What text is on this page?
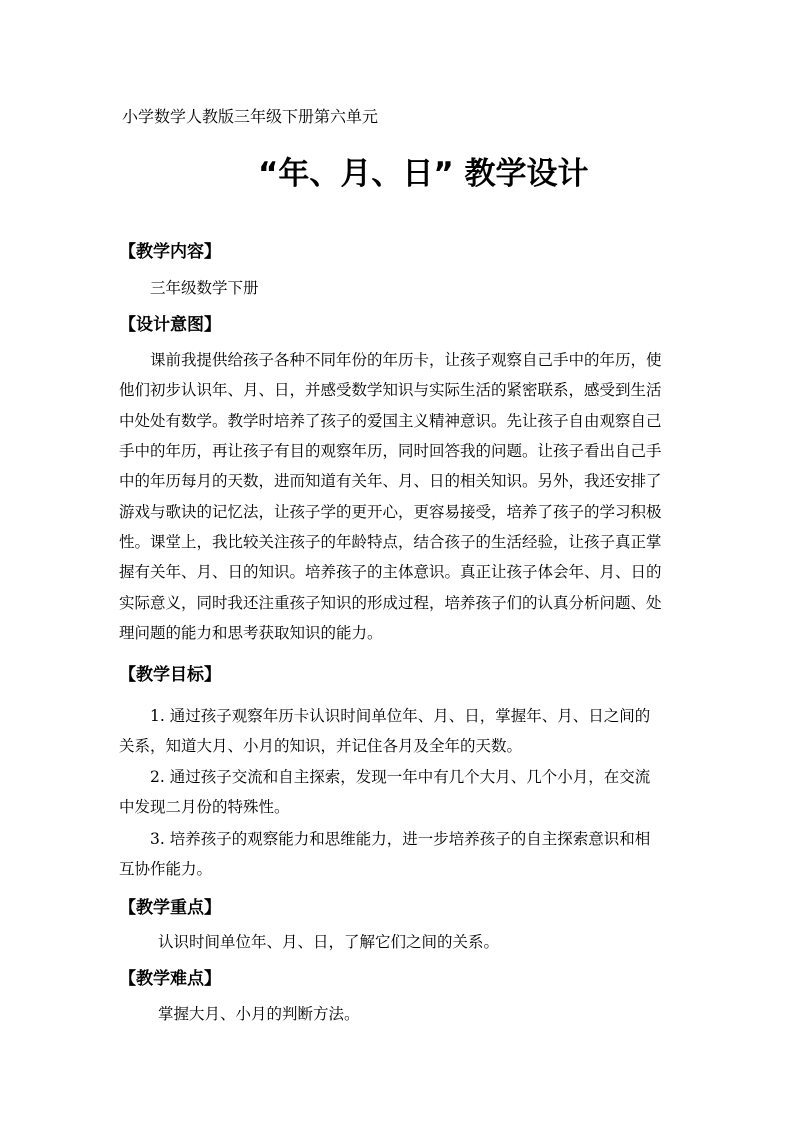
小学数学人教版三年级下册第六单元
“年、月、日” 教学设计
【教学内容】
三年级数学下册
【设计意图】
课前我提供给孩子各种不同年份的年历卡，让孩子观察自己手中的年历，使
他们初步认识年、月、日，并感受数学知识与实际生活的紧密联系，感受到生活
中处处有数学。教学时培养了孩子的爱国主义精神意识。先让孩子自由观察自己
手中的年历，再让孩子有目的观察年历，同时回答我的问题。让孩子看出自己手
中的年历每月的天数，进而知道有关年、月、日的相关知识。另外，我还安排了
游戏与歌诀的记忆法，让孩子学的更开心，更容易接受，培养了孩子的学习积极
性。课堂上，我比较关注孩子的年龄特点，结合孩子的生活经验，让孩子真正掌
握有关年、月、日的知识。培养孩子的主体意识。真正让孩子体会年、月、日的
实际意义，同时我还注重孩子知识的形成过程，培养孩子们的认真分析问题、处
理问题的能力和思考获取知识的能力。
【教学目标】
1. 通过孩子观察年历卡认识时间单位年、月、日，掌握年、月、日之间的
关系，知道大月、小月的知识，并记住各月及全年的天数。
2. 通过孩子交流和自主探索，发现一年中有几个大月、几个小月，在交流
中发现二月份的特殊性。
3. 培养孩子的观察能力和思维能力，进一步培养孩子的自主探索意识和相
互协作能力。
【教学重点】
认识时间单位年、月、日，了解它们之间的关系。
【教学难点】
掌握大月、小月的判断方法。
